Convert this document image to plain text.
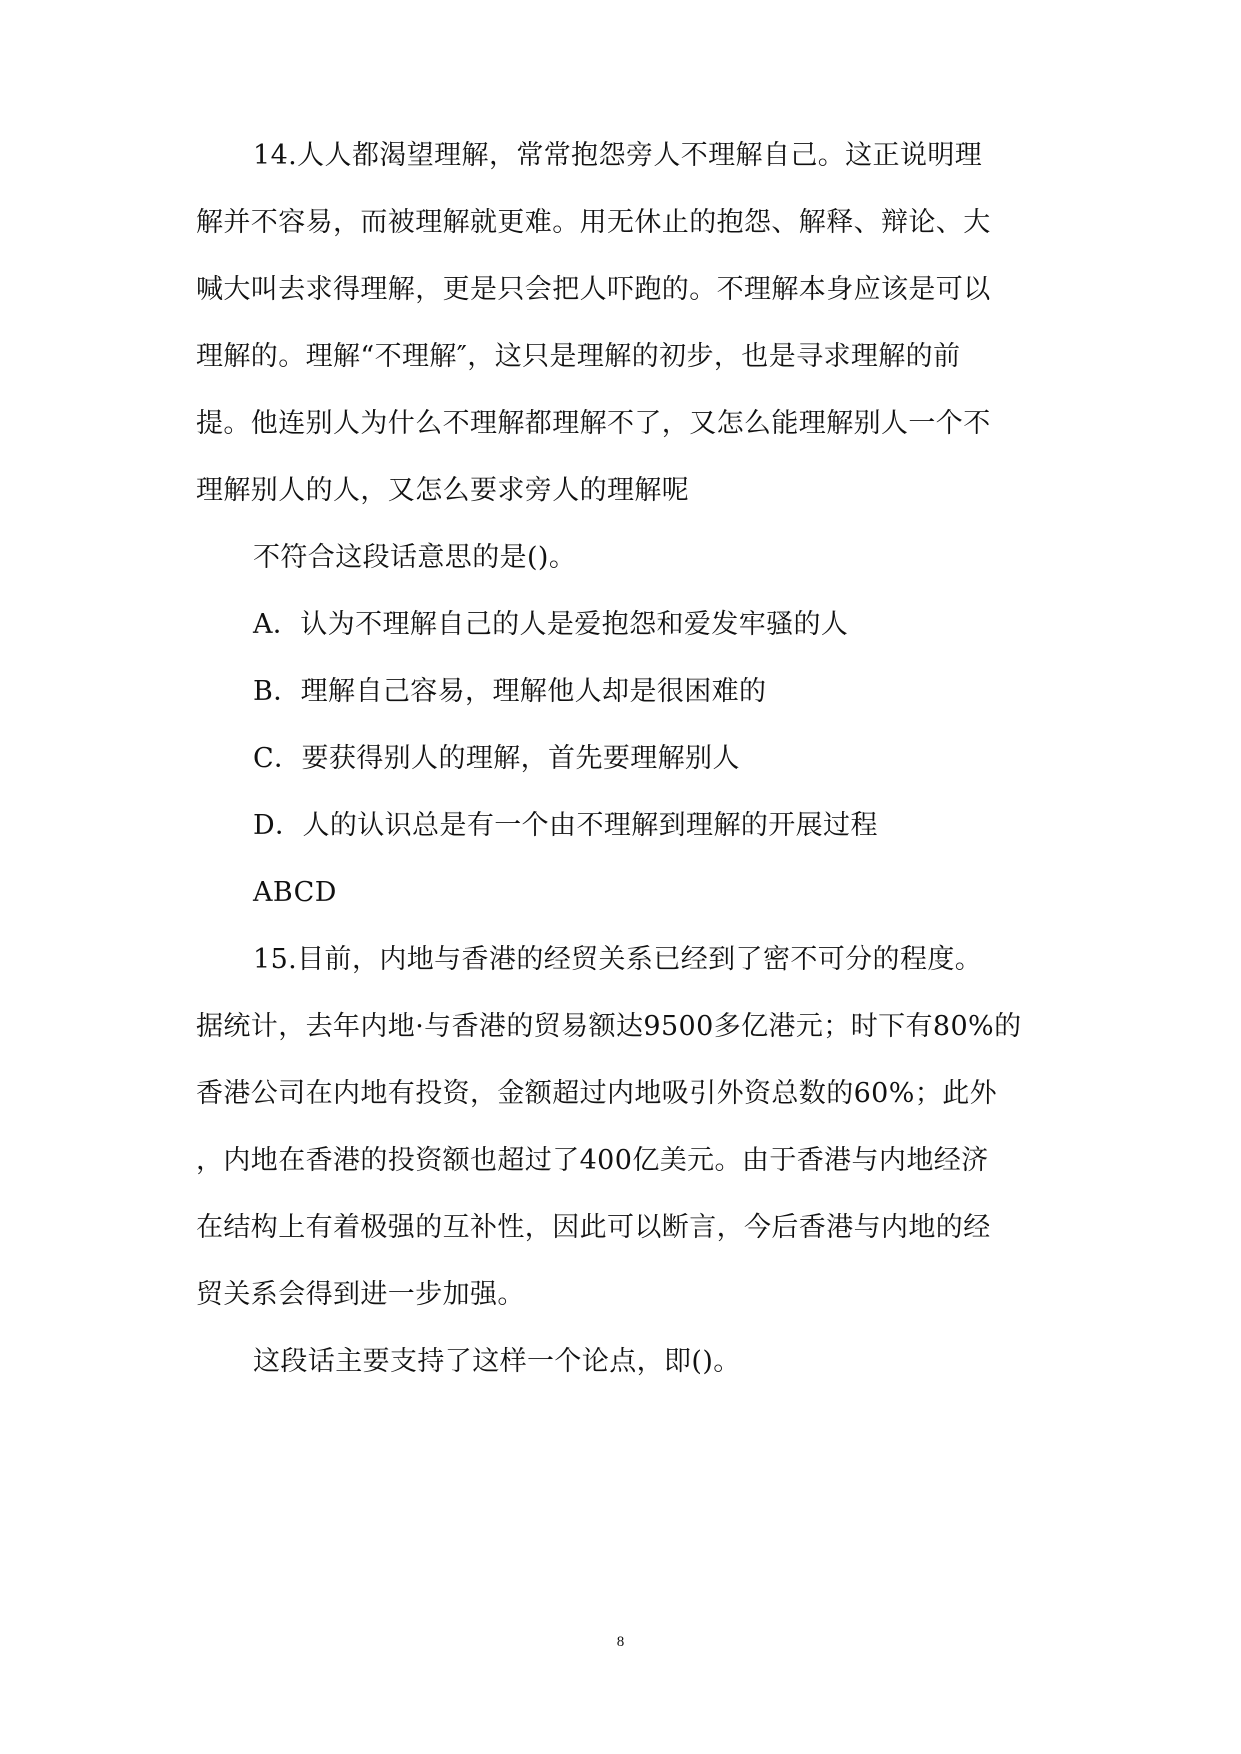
14.人人都渴望理解，常常抱怨旁人不理解自己。这正说明理
解并不容易，而被理解就更难。用无休止的抱怨、解释、辩论、大
喊大叫去求得理解，更是只会把人吓跑的。不理解本身应该是可以
理解的。理解“不理解″，这只是理解的初步，也是寻求理解的前
提。他连别人为什么不理解都理解不了，又怎么能理解别人一个不
理解别人的人，又怎么要求旁人的理解呢
不符合这段话意思的是()。
A．认为不理解自己的人是爱抱怨和爱发牢骚的人
B．理解自己容易，理解他人却是很困难的
C．要获得别人的理解，首先要理解别人
D．人的认识总是有一个由不理解到理解的开展过程
ABCD
15.目前，内地与香港的经贸关系已经到了密不可分的程度。
据统计，去年内地·与香港的贸易额达9500多亿港元；时下有80%的
香港公司在内地有投资，金额超过内地吸引外资总数的60%；此外
，内地在香港的投资额也超过了400亿美元。由于香港与内地经济
在结构上有着极强的互补性，因此可以断言，今后香港与内地的经
贸关系会得到进一步加强。
这段话主要支持了这样一个论点，即()。
8
